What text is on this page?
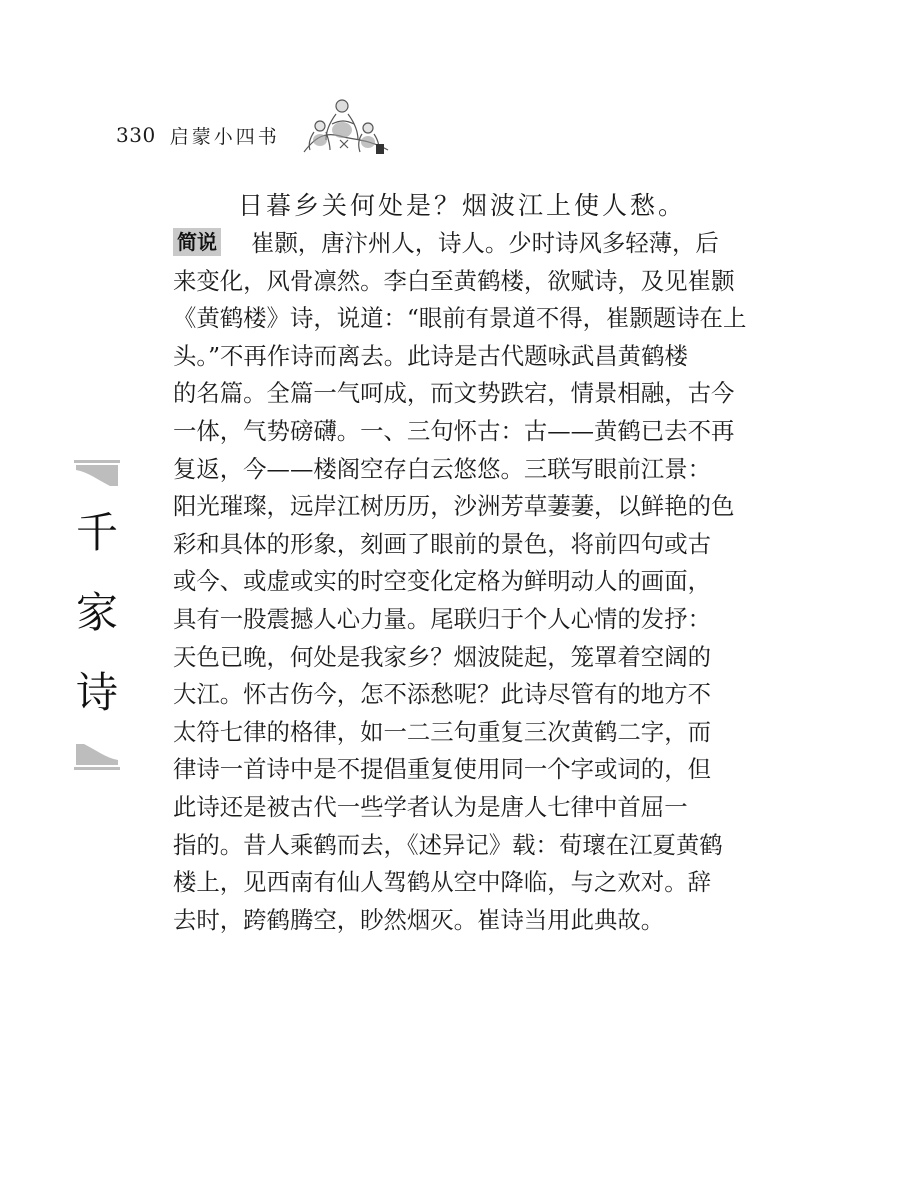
330 启蒙小四书
日暮乡关何处是？烟波江上使人愁。
简说 崔颢，唐汴州人，诗人。少时诗风多轻薄，后
来变化，风骨凛然。李白至黄鹤楼，欲赋诗，及见崔颢
《黄鹤楼》诗，说道：“眼前有景道不得，崔颢题诗在上
头。”不再作诗而离去。此诗是古代题咏武昌黄鹤楼
的名篇。全篇一气呵成，而文势跌宕，情景相融，古今
一体，气势磅礴。一、三句怀古：古——黄鹤已去不再
复返，今——楼阁空存白云悠悠。三联写眼前江景：
阳光璀璨，远岸江树历历，沙洲芳草萋萋，以鲜艳的色
彩和具体的形象，刻画了眼前的景色，将前四句或古
或今、或虚或实的时空变化定格为鲜明动人的画面，
具有一股震撼人心力量。尾联归于个人心情的发抒：
天色已晚，何处是我家乡？烟波陡起，笼罩着空阔的
大江。怀古伤今，怎不添愁呢？此诗尽管有的地方不
太符七律的格律，如一二三句重复三次黄鹤二字，而
律诗一首诗中是不提倡重复使用同一个字或词的，但
此诗还是被古代一些学者认为是唐人七律中首屈一
指的。昔人乘鹤而去，《述异记》载：荀瓌在江夏黄鹤
楼上，见西南有仙人驾鹤从空中降临，与之欢对。辞
去时，跨鹤腾空，眇然烟灭。崔诗当用此典故。
千
家
诗
